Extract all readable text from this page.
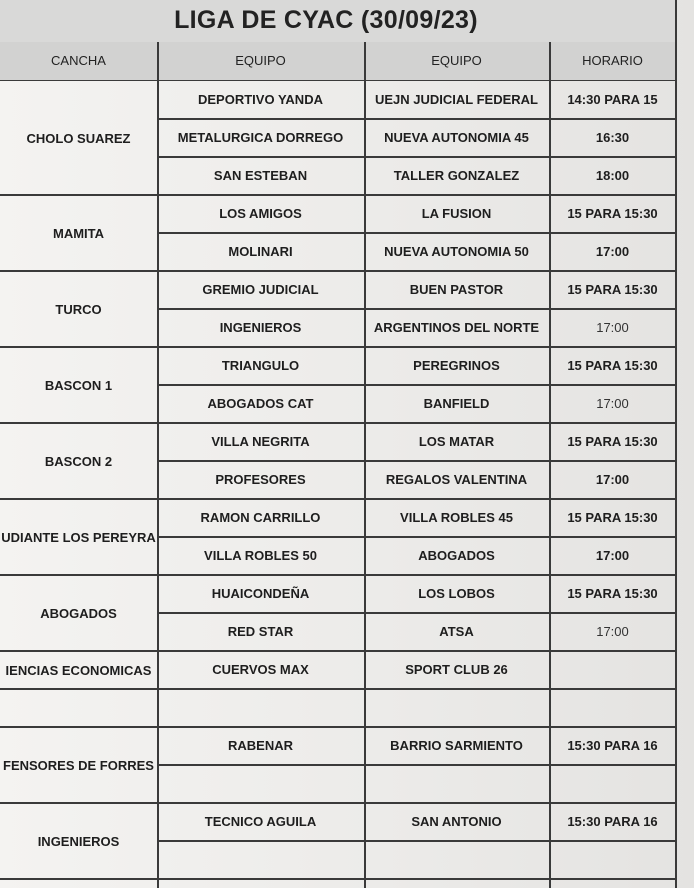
LIGA DE CYAC (30/09/23)
CANCHA	EQUIPO	EQUIPO	HORARIO
CHOLO SUAREZ
DEPORTIVO YANDA	UEJN JUDICIAL FEDERAL	14:30 PARA 15
METALURGICA DORREGO	NUEVA AUTONOMIA 45	16:30
SAN ESTEBAN	TALLER GONZALEZ	18:00
MAMITA
LOS AMIGOS	LA FUSION	15 PARA 15:30
MOLINARI	NUEVA AUTONOMIA 50	17:00
TURCO
GREMIO JUDICIAL	BUEN PASTOR	15 PARA 15:30
INGENIEROS	ARGENTINOS DEL NORTE	17:00
BASCON 1
TRIANGULO	PEREGRINOS	15 PARA 15:30
ABOGADOS CAT	BANFIELD	17:00
BASCON 2
VILLA NEGRITA	LOS MATAR	15 PARA 15:30
PROFESORES	REGALOS VALENTINA	17:00
UDIANTE LOS PEREYRA
RAMON CARRILLO	VILLA ROBLES 45	15 PARA 15:30
VILLA ROBLES 50	ABOGADOS	17:00
ABOGADOS
HUAICONDEÑA	LOS LOBOS	15 PARA 15:30
RED STAR	ATSA	17:00
IENCIAS ECONOMICAS	CUERVOS MAX	SPORT CLUB 26
FENSORES DE FORRES
RABENAR	BARRIO SARMIENTO	15:30 PARA 16
INGENIEROS
TECNICO AGUILA	SAN ANTONIO	15:30 PARA 16
